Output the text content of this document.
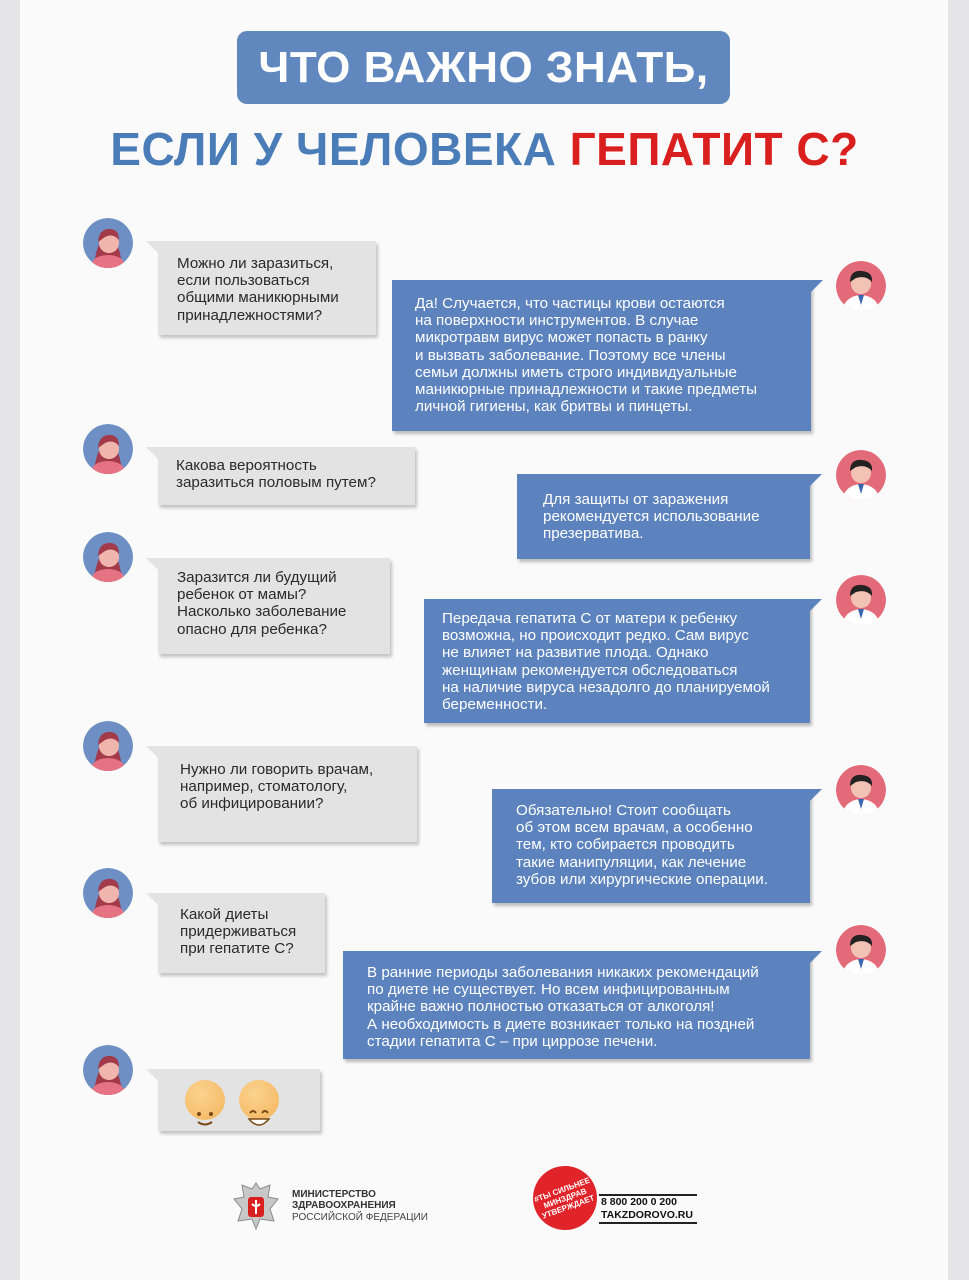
ЧТО ВАЖНО ЗНАТЬ,
ЕСЛИ У ЧЕЛОВЕКА ГЕПАТИТ С?
Можно ли заразиться,
если пользоваться
общими маникюрными
принадлежностями?
Какова вероятность
заразиться половым путем?
Заразится ли будущий
ребенок от мамы?
Насколько заболевание
опасно для ребенка?
Нужно ли говорить врачам,
например, стоматологу,
об инфицировании?
Какой диеты
придерживаться
при гепатите С?
Да! Случается, что частицы крови остаются
на поверхности инструментов. В случае
микротравм вирус может попасть в ранку
и вызвать заболевание. Поэтому все члены
семьи должны иметь строго индивидуальные
маникюрные принадлежности и такие предметы
личной гигиены, как бритвы и пинцеты.
Для защиты от заражения
рекомендуется использование
презерватива.
Передача гепатита С от матери к ребенку
возможна, но происходит редко. Сам вирус
не влияет на развитие плода. Однако
женщинам рекомендуется обследоваться
на наличие вируса незадолго до планируемой
беременности.
Обязательно! Стоит сообщать
об этом всем врачам, а особенно
тем, кто собирается проводить
такие манипуляции, как лечение
зубов или хирургические операции.
В ранние периоды заболевания никаких рекомендаций
по диете не существует. Но всем инфицированным
крайне важно полностью отказаться от алкоголя!
А необходимость в диете возникает только на поздней
стадии гепатита С – при циррозе печени.

МИНИСТЕРСТВО
ЗДРАВООХРАНЕНИЯ
РОССИЙСКОЙ ФЕДЕРАЦИИ
#ТЫ СИЛЬНЕЕ МИНЗДРАВ УТВЕРЖДАЕТ 8 800 200 0 200
TAKZDOROVO.RU
